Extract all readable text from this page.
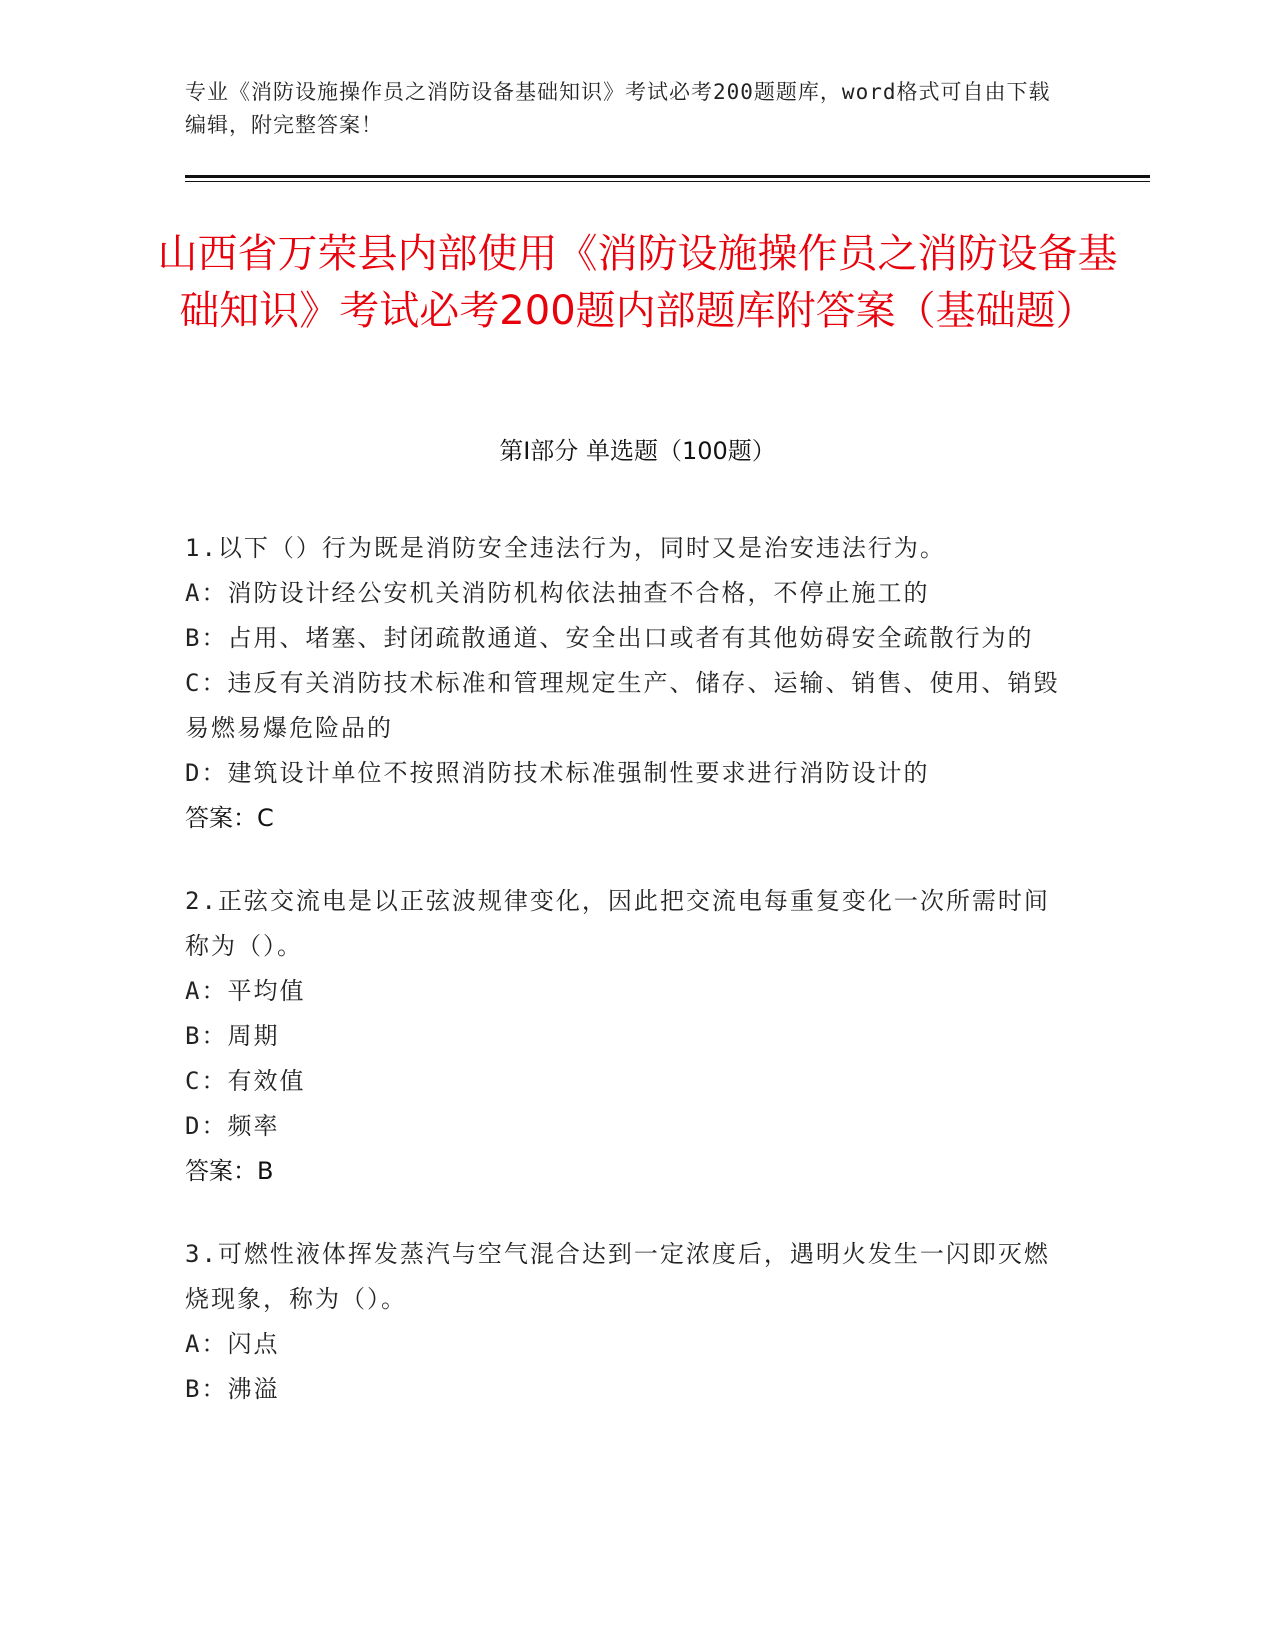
专业《消防设施操作员之消防设备基础知识》考试必考200题题库，word格式可自由下载编辑，附完整答案！
山西省万荣县内部使用《消防设施操作员之消防设备基础知识》考试必考200题内部题库附答案（基础题）
第I部分 单选题（100题）

1.以下（）行为既是消防安全违法行为，同时又是治安违法行为。

A：消防设计经公安机关消防机构依法抽查不合格，不停止施工的

B：占用、堵塞、封闭疏散通道、安全出口或者有其他妨碍安全疏散行为的

C：违反有关消防技术标准和管理规定生产、储存、运输、销售、使用、销毁易燃易爆危险品的

D：建筑设计单位不按照消防技术标准强制性要求进行消防设计的

答案：C

2.正弦交流电是以正弦波规律变化，因此把交流电每重复变化一次所需时间称为（）。

A：平均值

B：周期

C：有效值

D：频率

答案：B

3.可燃性液体挥发蒸汽与空气混合达到一定浓度后，遇明火发生一闪即灭燃烧现象，称为（）。

A：闪点

B：沸溢
